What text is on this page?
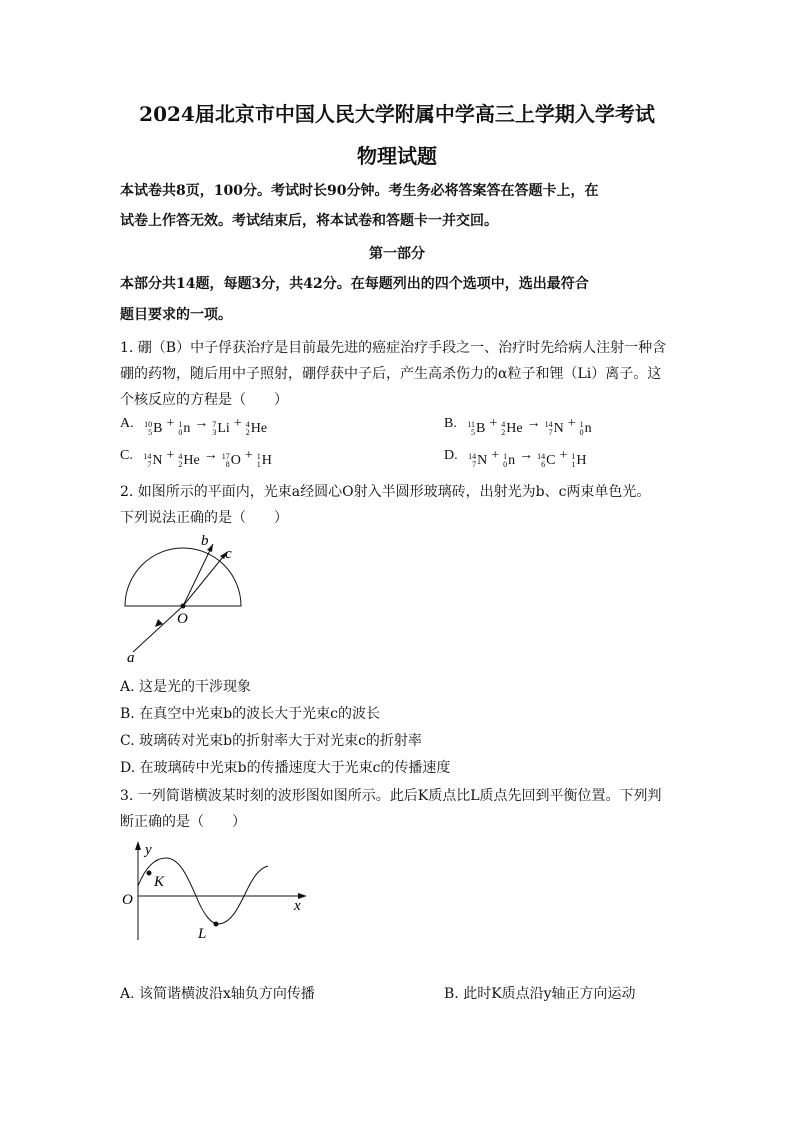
2024届北京市中国人民大学附属中学高三上学期入学考试
物理试题
本试卷共8页，100分。考试时长90分钟。考生务必将答案答在答题卡上，在
试卷上作答无效。考试结束后，将本试卷和答题卡一并交回。
第一部分
本部分共14题，每题3分，共42分。在每题列出的四个选项中，选出最符合
题目要求的一项。
1. 硼（B）中子俘获治疗是目前最先进的癌症治疗手段之一、治疗时先给病人注射一种含
硼的药物，随后用中子照射，硼俘获中子后，产生高杀伤力的α粒子和锂（Li）离子。这
个核反应的方程是（　　）
A. 10
5 B + 1
0 n → 7
3 Li + 4
2 He	B. 11
5 B + 4
2 He → 14
7 N + 1
0 n
C. 14
7 N + 4
2 He → 17
8 O + 1
1 H	D. 14
7 N + 1
0 n → 14
6 C + 1
1 H
2. 如图所示的平面内，光束a经圆心O射入半圆形玻璃砖，出射光为b、c两束单色光。
下列说法正确的是（　　）
a
b
c
O
A. 这是光的干涉现象
B. 在真空中光束b的波长大于光束c的波长
C. 玻璃砖对光束b的折射率大于对光束c的折射率
D. 在玻璃砖中光束b的传播速度大于光束c的传播速度
3. 一列简谐横波某时刻的波形图如图所示。此后K质点比L质点先回到平衡位置。下列判
断正确的是（　　）
y
x
O
K
L
A. 该简谐横波沿x轴负方向传播	B. 此时K质点沿y轴正方向运动
